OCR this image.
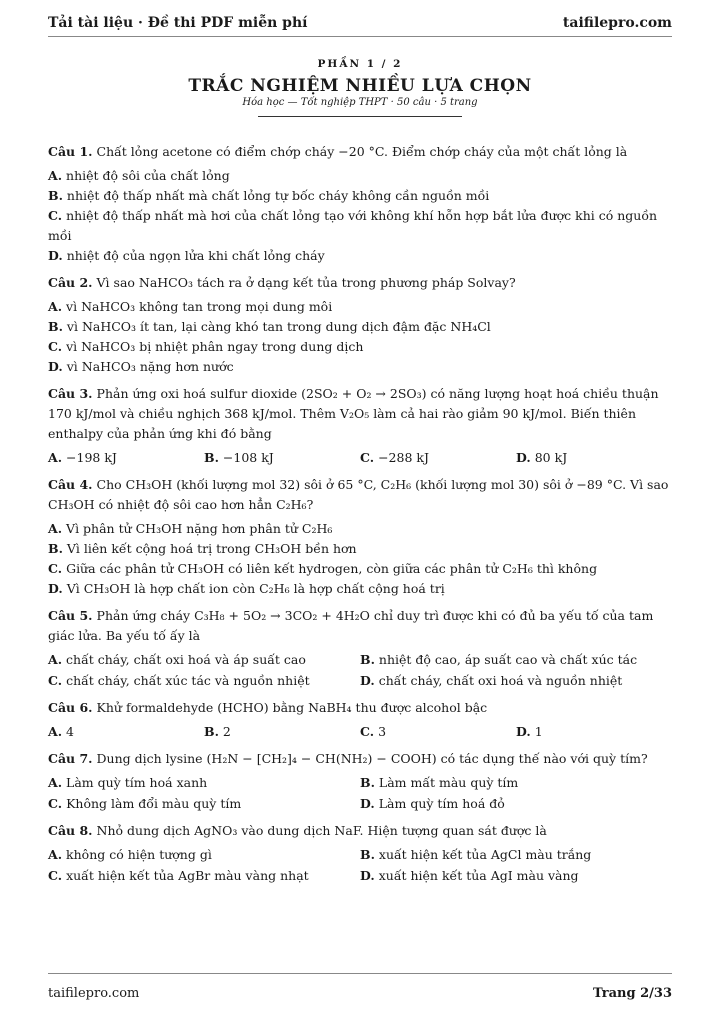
Tải tài liệu · Đề thi PDF miễn phí	taifilepro.com
PHẦN 1 / 2
TRẮC NGHIỆM NHIỀU LỰA CHỌN
Hóa học — Tốt nghiệp THPT · 50 câu · 5 trang

Câu 1. Chất lỏng acetone có điểm chớp cháy −20 °C. Điểm chớp cháy của một chất lỏng là

A. nhiệt độ sôi của chất lỏng

B. nhiệt độ thấp nhất mà chất lỏng tự bốc cháy không cần nguồn mồi

C. nhiệt độ thấp nhất mà hơi của chất lỏng tạo với không khí hỗn hợp bắt lửa được khi có nguồn mồi

D. nhiệt độ của ngọn lửa khi chất lỏng cháy

Câu 2. Vì sao NaHCO₃ tách ra ở dạng kết tủa trong phương pháp Solvay?

A. vì NaHCO₃ không tan trong mọi dung môi

B. vì NaHCO₃ ít tan, lại càng khó tan trong dung dịch đậm đặc NH₄Cl

C. vì NaHCO₃ bị nhiệt phân ngay trong dung dịch

D. vì NaHCO₃ nặng hơn nước

Câu 3. Phản ứng oxi hoá sulfur dioxide (2SO₂ + O₂ → 2SO₃) có năng lượng hoạt hoá chiều thuận 170 kJ/mol và chiều nghịch 368 kJ/mol. Thêm V₂O₅ làm cả hai rào giảm 90 kJ/mol. Biến thiên enthalpy của phản ứng khi đó bằng

A. −198 kJ	B. −108 kJ	C. −288 kJ	D. 80 kJ

Câu 4. Cho CH₃OH (khối lượng mol 32) sôi ở 65 °C, C₂H₆ (khối lượng mol 30) sôi ở −89 °C. Vì sao CH₃OH có nhiệt độ sôi cao hơn hẳn C₂H₆?

A. Vì phân tử CH₃OH nặng hơn phân tử C₂H₆

B. Vì liên kết cộng hoá trị trong CH₃OH bền hơn

C. Giữa các phân tử CH₃OH có liên kết hydrogen, còn giữa các phân tử C₂H₆ thì không

D. Vì CH₃OH là hợp chất ion còn C₂H₆ là hợp chất cộng hoá trị

Câu 5. Phản ứng cháy C₃H₈ + 5O₂ → 3CO₂ + 4H₂O chỉ duy trì được khi có đủ ba yếu tố của tam giác lửa. Ba yếu tố ấy là

A. chất cháy, chất oxi hoá và áp suất cao	B. nhiệt độ cao, áp suất cao và chất xúc tác
C. chất cháy, chất xúc tác và nguồn nhiệt	D. chất cháy, chất oxi hoá và nguồn nhiệt

Câu 6. Khử formaldehyde (HCHO) bằng NaBH₄ thu được alcohol bậc

A. 4	B. 2	C. 3	D. 1

Câu 7. Dung dịch lysine (H₂N − [CH₂]₄ − CH(NH₂) − COOH) có tác dụng thế nào với quỳ tím?

A. Làm quỳ tím hoá xanh	B. Làm mất màu quỳ tím
C. Không làm đổi màu quỳ tím	D. Làm quỳ tím hoá đỏ

Câu 8. Nhỏ dung dịch AgNO₃ vào dung dịch NaF. Hiện tượng quan sát được là

A. không có hiện tượng gì	B. xuất hiện kết tủa AgCl màu trắng
C. xuất hiện kết tủa AgBr màu vàng nhạt	D. xuất hiện kết tủa AgI màu vàng
taifilepro.com	Trang 2/33
